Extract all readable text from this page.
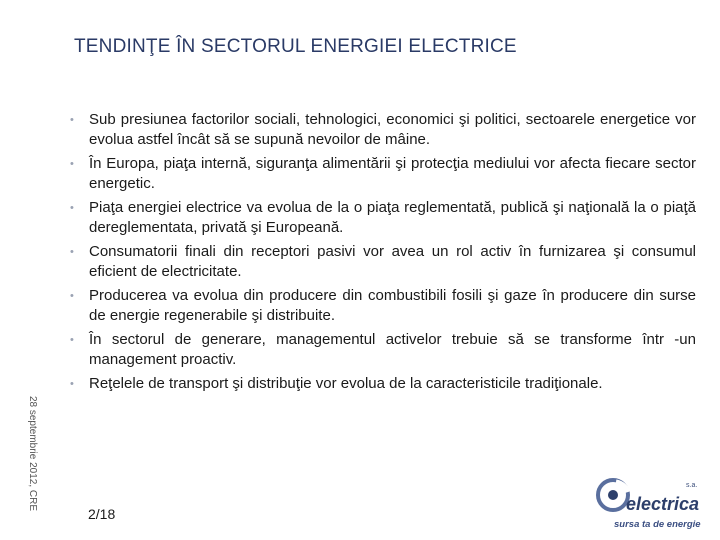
TENDINŢE ÎN SECTORUL ENERGIEI ELECTRICE
28 septembrie 2012, CRE
• Sub presiunea factorilor sociali, tehnologici, economici şi politici, sectoarele energetice vor evolua astfel încât să se supună nevoilor de mâine.
• În Europa, piaţa internă, siguranţa alimentării şi protecţia mediului vor afecta fiecare sector energetic.
• Piaţa energiei electrice va evolua de la o piaţa reglementată, publică şi naţională la o piaţă dereglementata, privată şi Europeană.
• Consumatorii finali din receptori pasivi vor avea un rol activ în furnizarea şi consumul eficient de electricitate.
• Producerea va evolua din producere din combustibili fosili şi gaze în producere din surse de energie regenerabile şi distribuite.
• În sectorul de generare, managementul activelor trebuie să se transforme într -un management proactiv.
• Reţelele de transport şi distribuţie vor evolua de la caracteristicile tradiţionale.
2/18	electrica
s.a.
sursa ta de energie
